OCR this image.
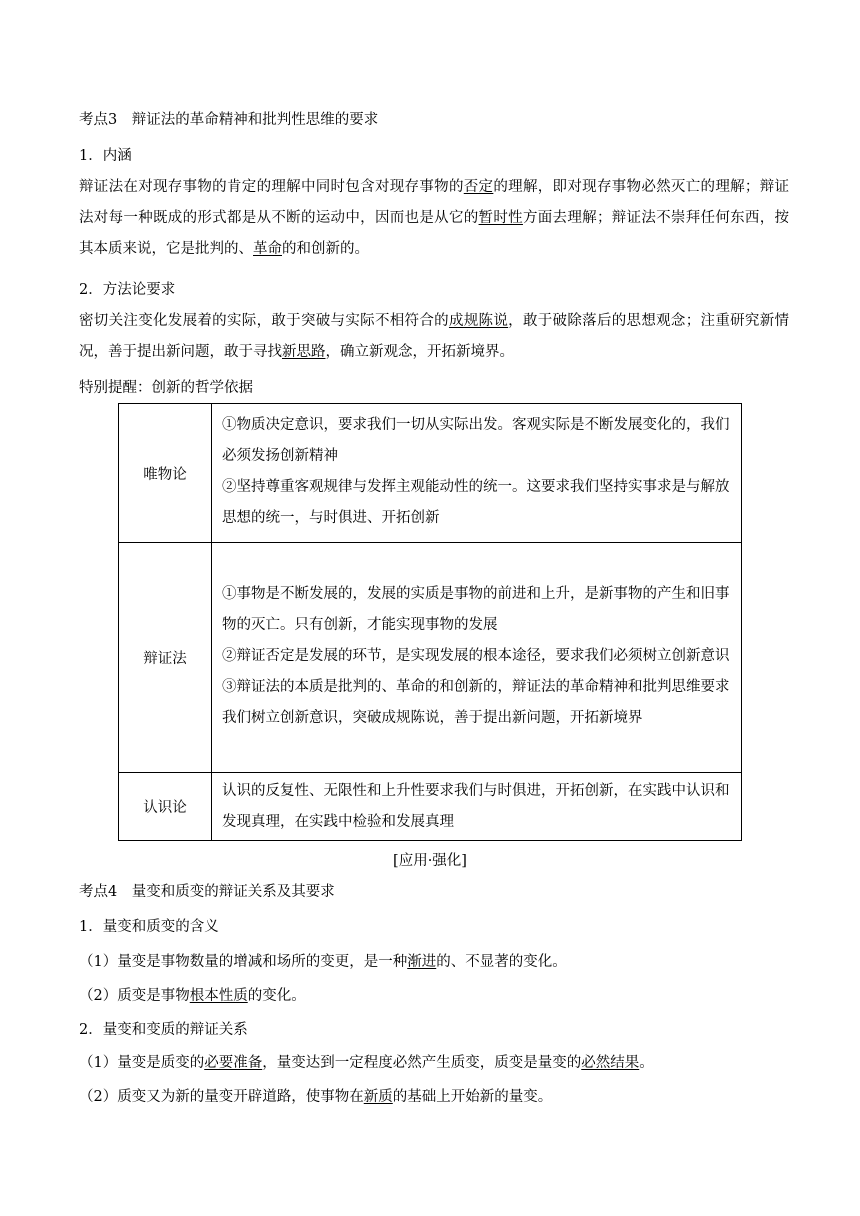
考点3　辩证法的革命精神和批判性思维的要求
1．内涵
辩证法在对现存事物的肯定的理解中同时包含对现存事物的否定的理解，即对现存事物必然灭亡的理解；辩证法对每一种既成的形式都是从不断的运动中，因而也是从它的暂时性方面去理解；辩证法不崇拜任何东西，按其本质来说，它是批判的、革命的和创新的。
2．方法论要求
密切关注变化发展着的实际，敢于突破与实际不相符合的成规陈说，敢于破除落后的思想观念；注重研究新情况，善于提出新问题，敢于寻找新思路，确立新观念，开拓新境界。
特别提醒：创新的哲学依据
唯物论	①物质决定意识，要求我们一切从实际出发。客观实际是不断发展变化的，我们必须发扬创新精神
②坚持尊重客观规律与发挥主观能动性的统一。这要求我们坚持实事求是与解放思想的统一，与时俱进、开拓创新

辩证法	①事物是不断发展的，发展的实质是事物的前进和上升，是新事物的产生和旧事物的灭亡。只有创新，才能实现事物的发展
②辩证否定是发展的环节，是实现发展的根本途径，要求我们必须树立创新意识
③辩证法的本质是批判的、革命的和创新的，辩证法的革命精神和批判思维要求我们树立创新意识，突破成规陈说，善于提出新问题，开拓新境界

认识论	认识的反复性、无限性和上升性要求我们与时俱进，开拓创新，在实践中认识和发现真理，在实践中检验和发展真理
[应用·强化]
考点4　量变和质变的辩证关系及其要求
1．量变和质变的含义
（1）量变是事物数量的增减和场所的变更，是一种渐进的、不显著的变化。
（2）质变是事物根本性质的变化。
2．量变和变质的辩证关系
（1）量变是质变的必要准备，量变达到一定程度必然产生质变，质变是量变的必然结果。
（2）质变又为新的量变开辟道路，使事物在新质的基础上开始新的量变。
